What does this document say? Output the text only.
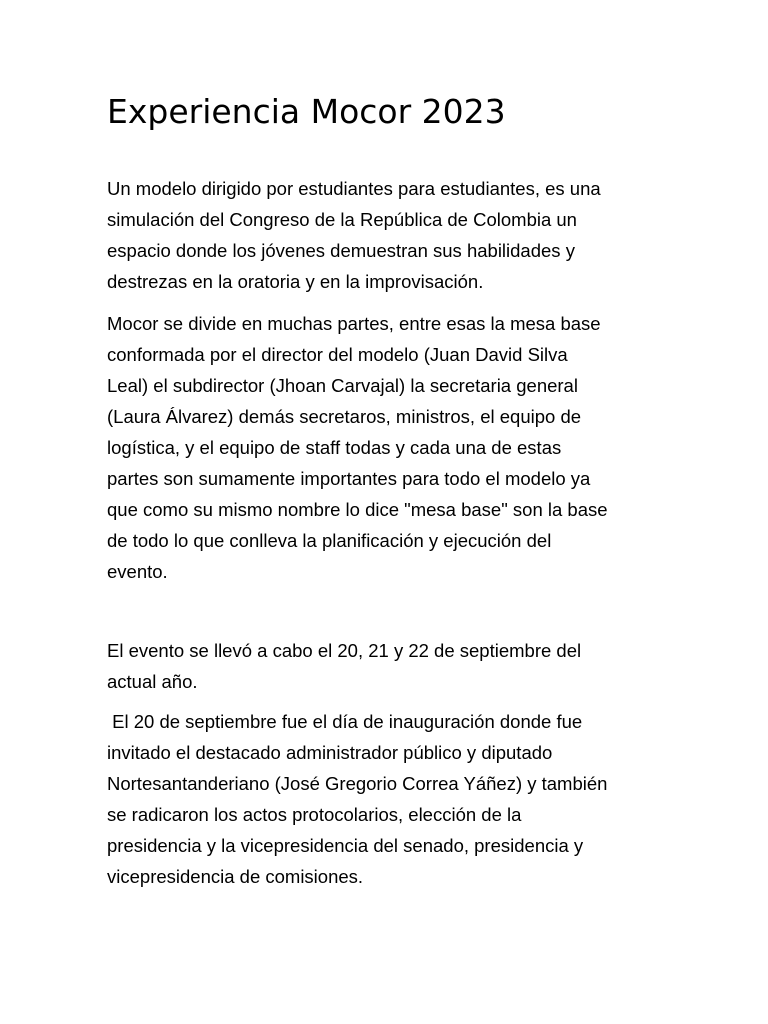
Experiencia Mocor 2023

Un modelo dirigido por estudiantes para estudiantes, es una
simulación del Congreso de la República de Colombia un
espacio donde los jóvenes demuestran sus habilidades y
destrezas en la oratoria y en la improvisación.

Mocor se divide en muchas partes, entre esas la mesa base
conformada por el director del modelo (Juan David Silva
Leal) el subdirector (Jhoan Carvajal) la secretaria general
(Laura Álvarez) demás secretaros, ministros, el equipo de
logística, y el equipo de staff todas y cada una de estas
partes son sumamente importantes para todo el modelo ya
que como su mismo nombre lo dice "mesa base" son la base
de todo lo que conlleva la planificación y ejecución del
evento.

El evento se llevó a cabo el 20, 21 y 22 de septiembre del
actual año.

El 20 de septiembre fue el día de inauguración donde fue
invitado el destacado administrador público y diputado
Nortesantanderiano (José Gregorio Correa Yáñez) y también
se radicaron los actos protocolarios, elección de la
presidencia y la vicepresidencia del senado, presidencia y
vicepresidencia de comisiones.
